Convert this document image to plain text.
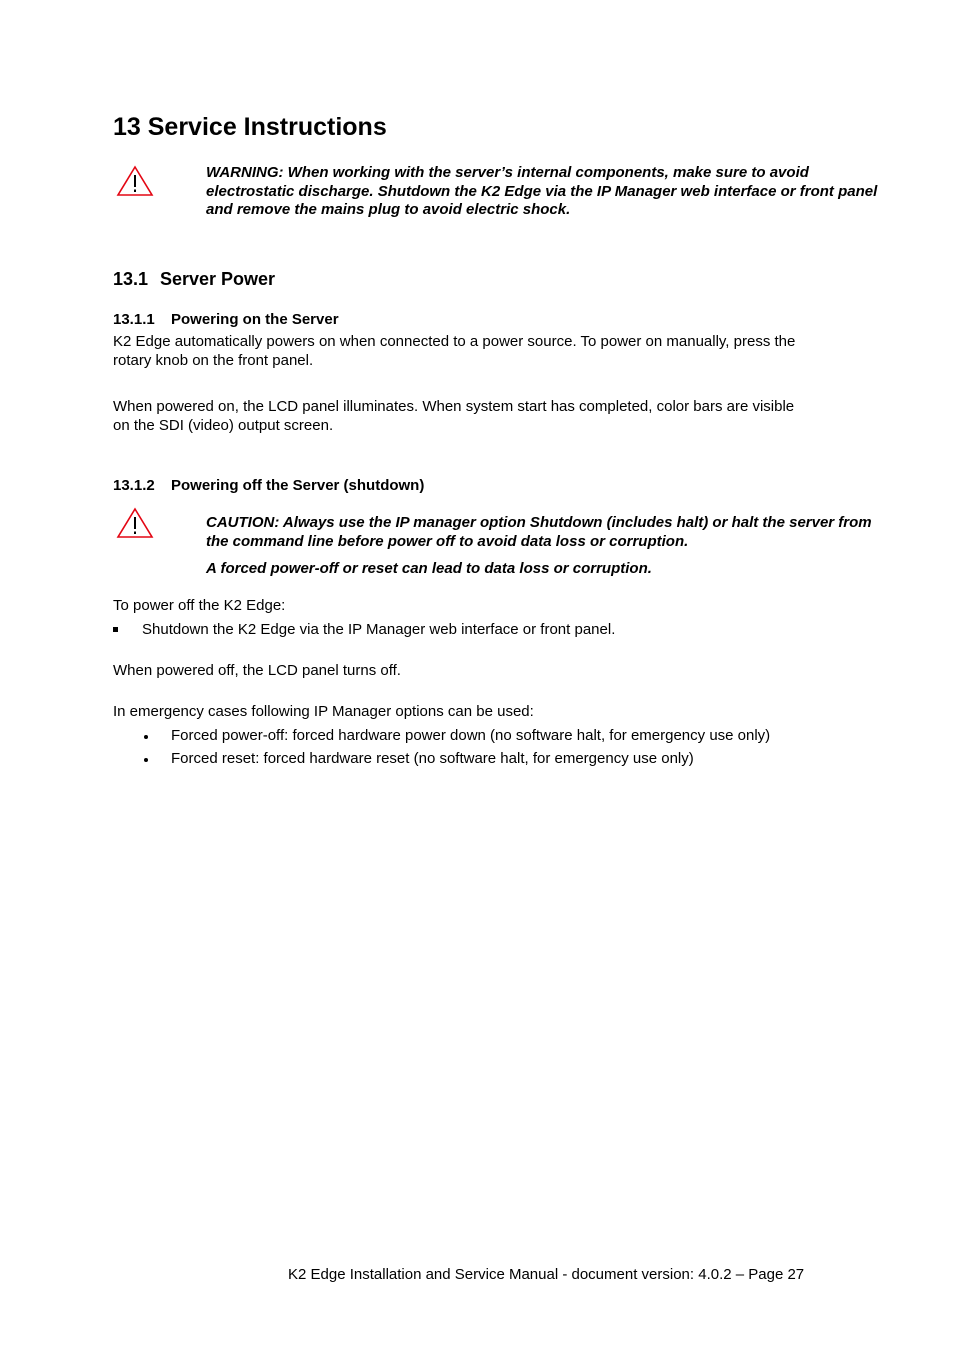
13 Service Instructions
WARNING: When working with the server’s internal components, make sure to avoid electrostatic discharge. Shutdown the K2 Edge via the IP Manager web interface or front panel and remove the mains plug to avoid electric shock.
13.1 Server Power
13.1.1 Powering on the Server
K2 Edge automatically powers on when connected to a power source. To power on manually, press the rotary knob on the front panel.
When powered on, the LCD panel illuminates. When system start has completed, color bars are visible on the SDI (video) output screen.
13.1.2 Powering off the Server (shutdown)
CAUTION: Always use the IP manager option Shutdown (includes halt) or halt the server from the command line before power off to avoid data loss or corruption.
A forced power-off or reset can lead to data loss or corruption.
To power off the K2 Edge:
Shutdown the K2 Edge via the IP Manager web interface or front panel.
When powered off, the LCD panel turns off.
In emergency cases following IP Manager options can be used:
Forced power-off: forced hardware power down (no software halt, for emergency use only)
Forced reset: forced hardware reset (no software halt, for emergency use only)
K2 Edge Installation and Service Manual - document version: 4.0.2 – Page 27
